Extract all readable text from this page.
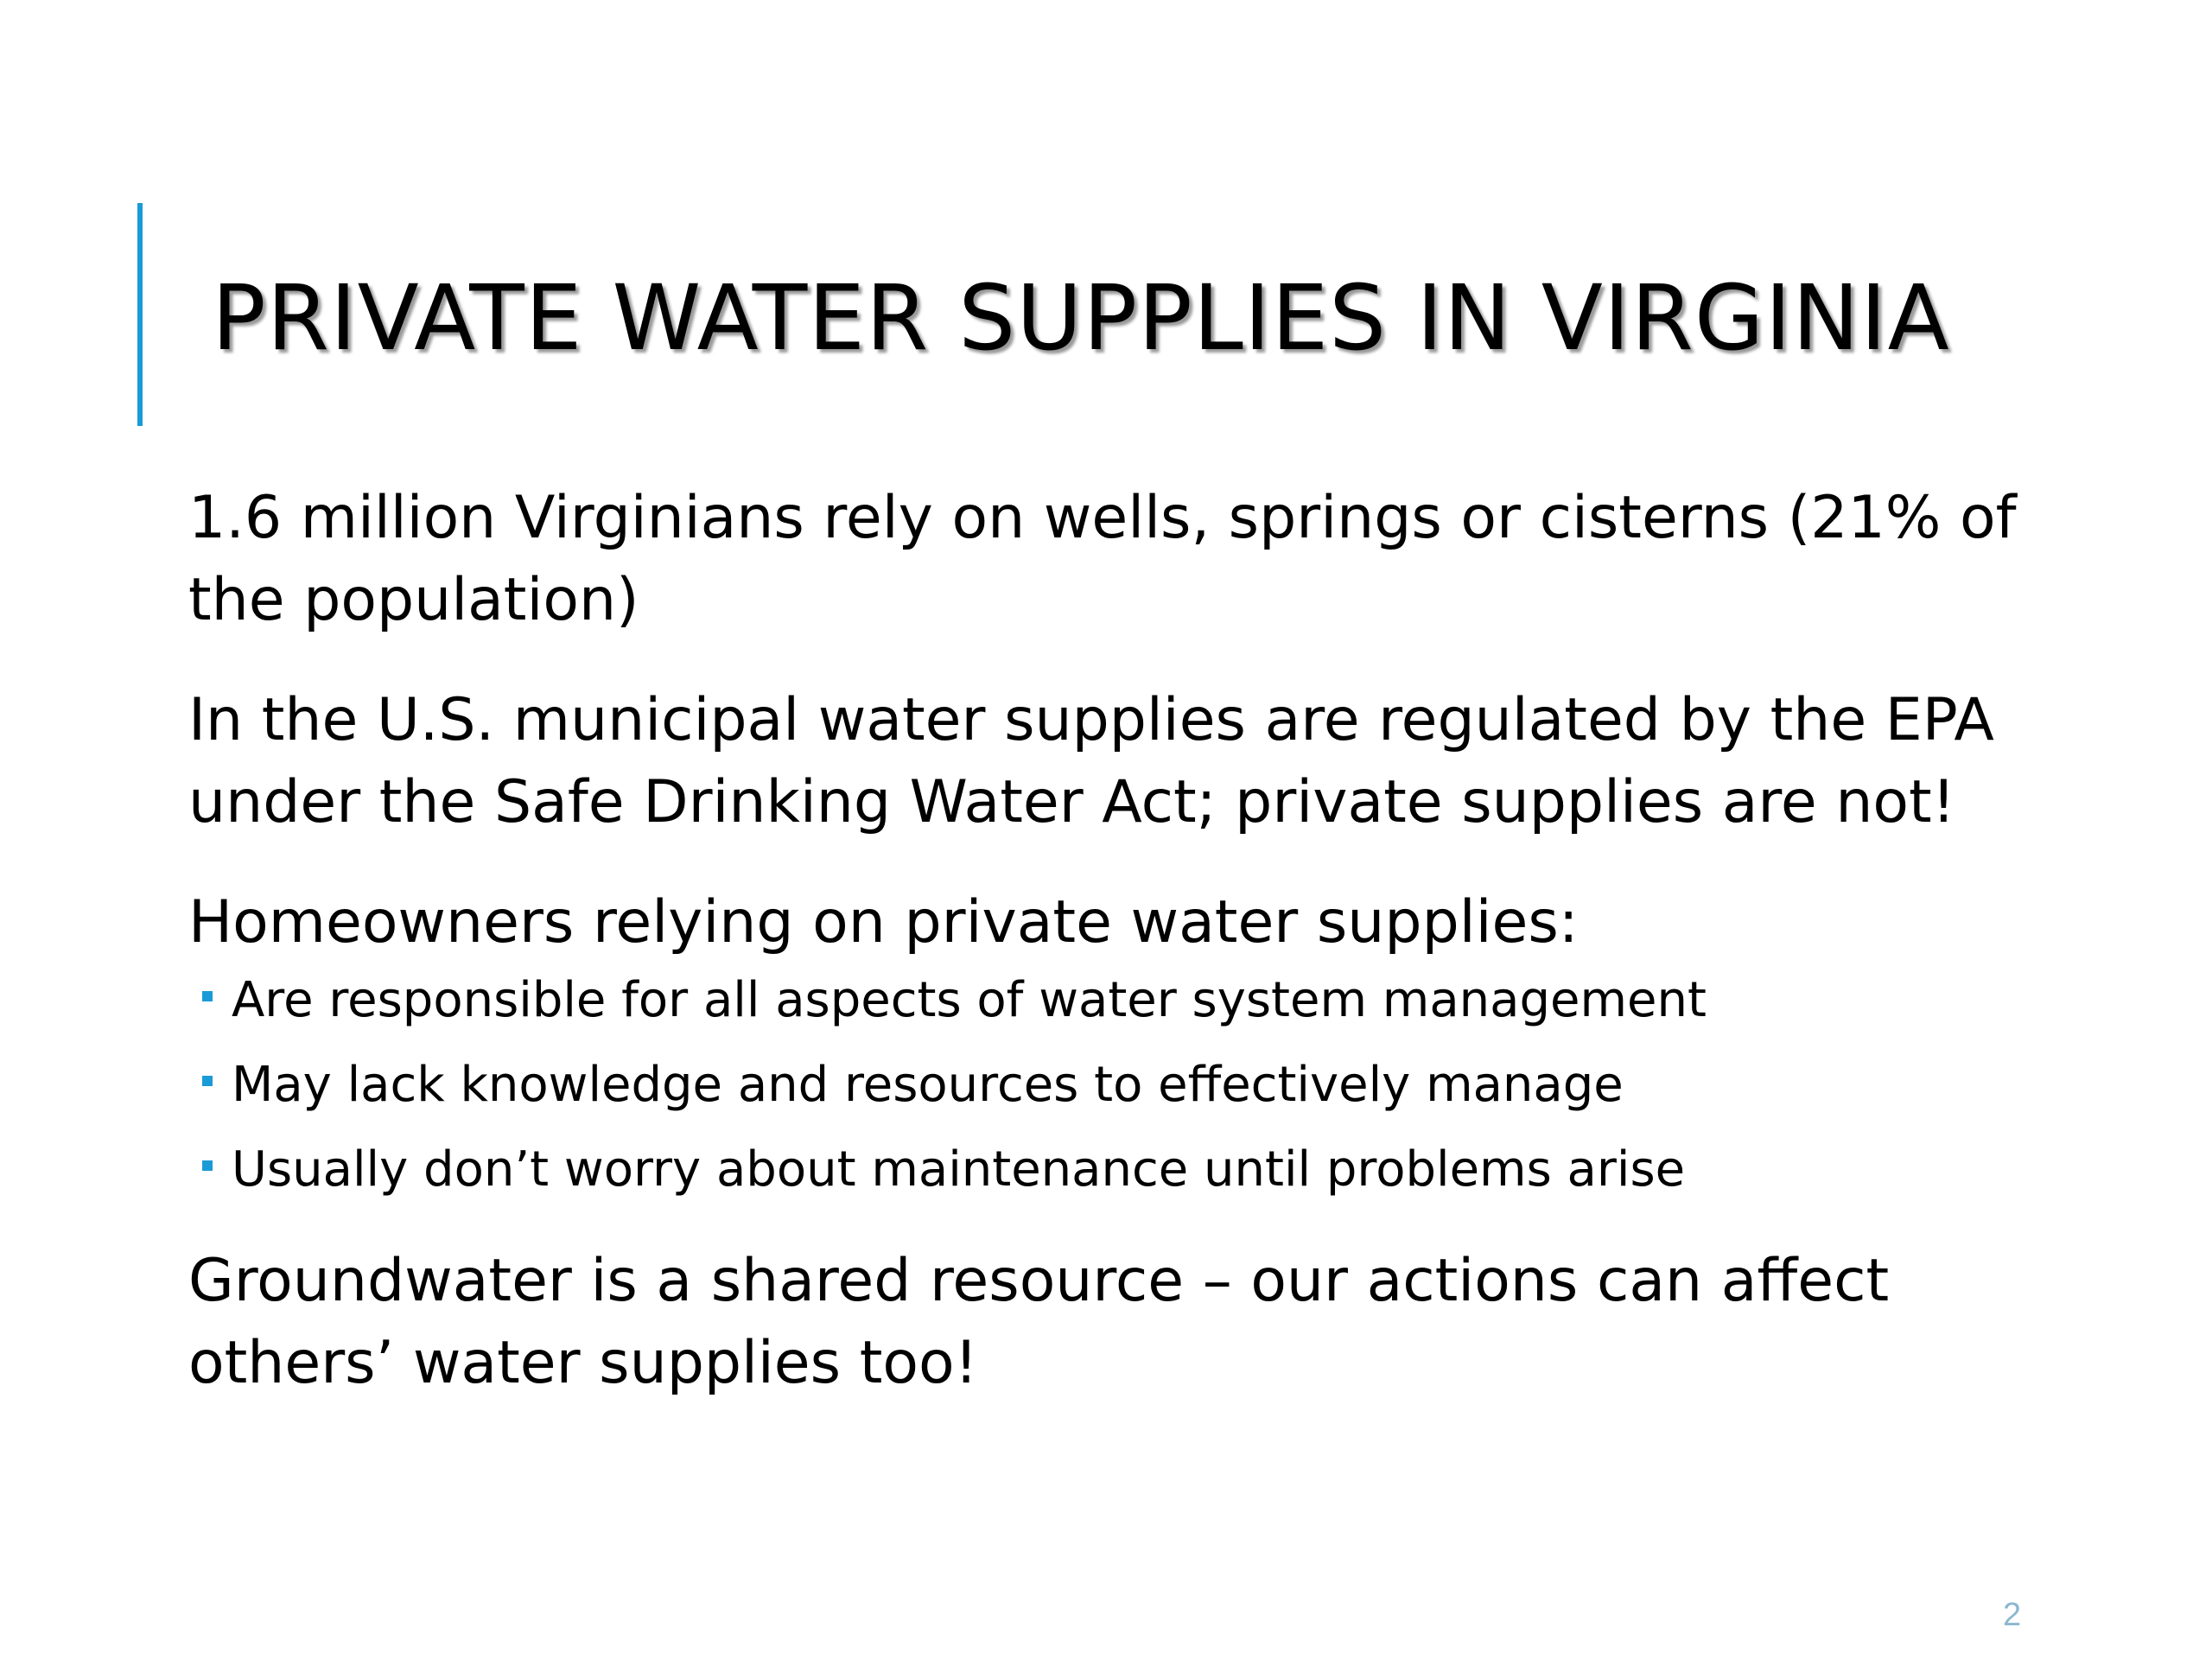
PRIVATE WATER SUPPLIES IN VIRGINIA

1.6 million Virginians rely on wells, springs or cisterns (21% of the population)

In the U.S. municipal water supplies are regulated by the EPA under the Safe Drinking Water Act; private supplies are not!

Homeowners relying on private water supplies:

Are responsible for all aspects of water system management
May lack knowledge and resources to effectively manage
Usually don’t worry about maintenance until problems arise

Groundwater is a shared resource – our actions can affect others’ water supplies too!

2
